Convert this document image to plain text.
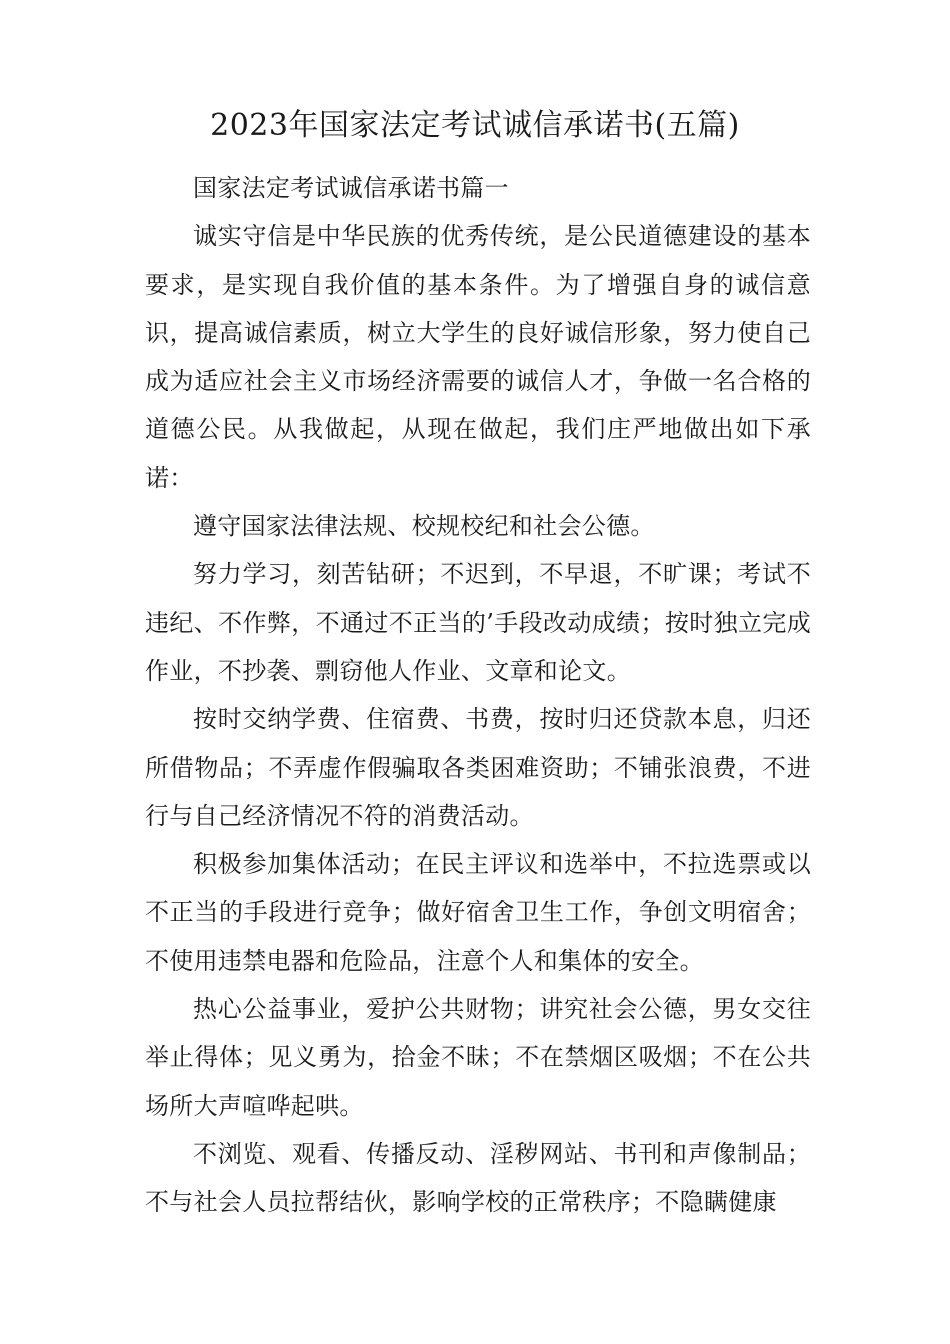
2023年国家法定考试诚信承诺书(五篇)

国家法定考试诚信承诺书篇一

诚实守信是中华民族的优秀传统，是公民道德建设的基本要求，是实现自我价值的基本条件。为了增强自身的诚信意识，提高诚信素质，树立大学生的良好诚信形象，努力使自己成为适应社会主义市场经济需要的诚信人才，争做一名合格的道德公民。从我做起，从现在做起，我们庄严地做出如下承诺：

遵守国家法律法规、校规校纪和社会公德。

努力学习，刻苦钻研；不迟到，不早退，不旷课；考试不违纪、不作弊，不通过不正当的’手段改动成绩；按时独立完成作业，不抄袭、剽窃他人作业、文章和论文。

按时交纳学费、住宿费、书费，按时归还贷款本息，归还所借物品；不弄虚作假骗取各类困难资助；不铺张浪费，不进行与自己经济情况不符的消费活动。

积极参加集体活动；在民主评议和选举中，不拉选票或以不正当的手段进行竞争；做好宿舍卫生工作，争创文明宿舍；不使用违禁电器和危险品，注意个人和集体的安全。

热心公益事业，爱护公共财物；讲究社会公德，男女交往举止得体；见义勇为，拾金不昧；不在禁烟区吸烟；不在公共场所大声喧哗起哄。

不浏览、观看、传播反动、淫秽网站、书刊和声像制品；不与社会人员拉帮结伙，影响学校的正常秩序；不隐瞒健康
